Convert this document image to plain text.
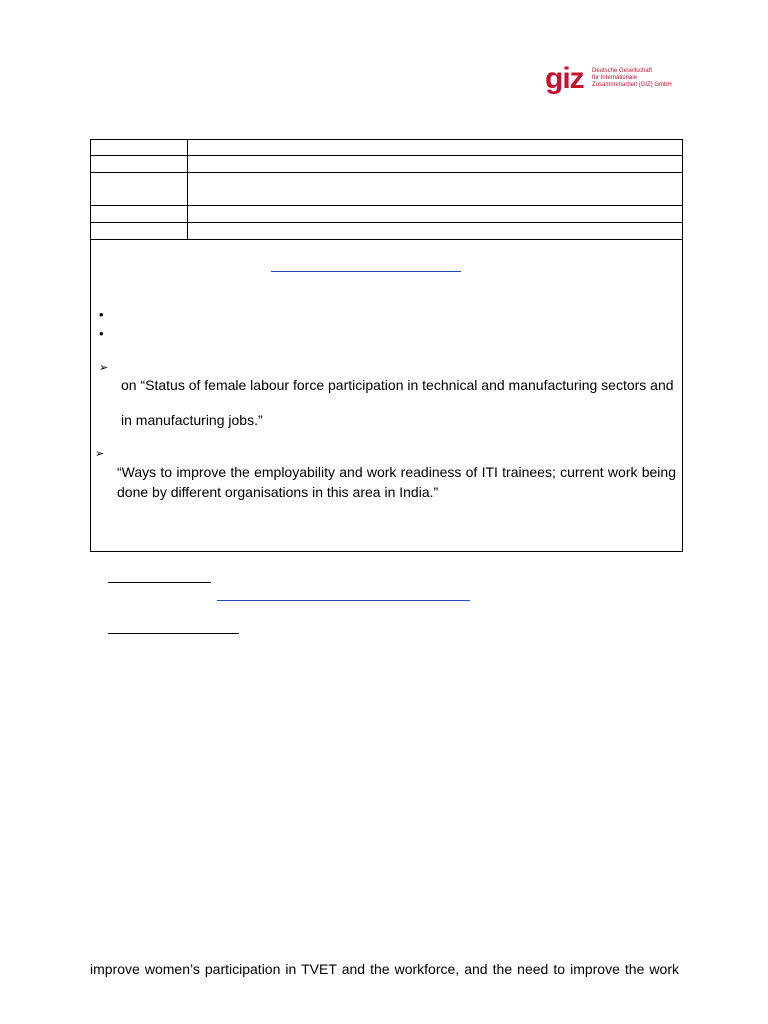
giz Deutsche Gesellschaft
für Internationale
Zusammenarbeit (GIZ) GmbH

•
•
➢
on “Status of female labour force participation in technical and manufacturing sectors and
in manufacturing jobs.”
➢
“Ways to improve the employability and work readiness of ITI trainees; current work being
done by different organisations in this area in India.”
improve women’s participation in TVET and the workforce, and the need to improve the work
